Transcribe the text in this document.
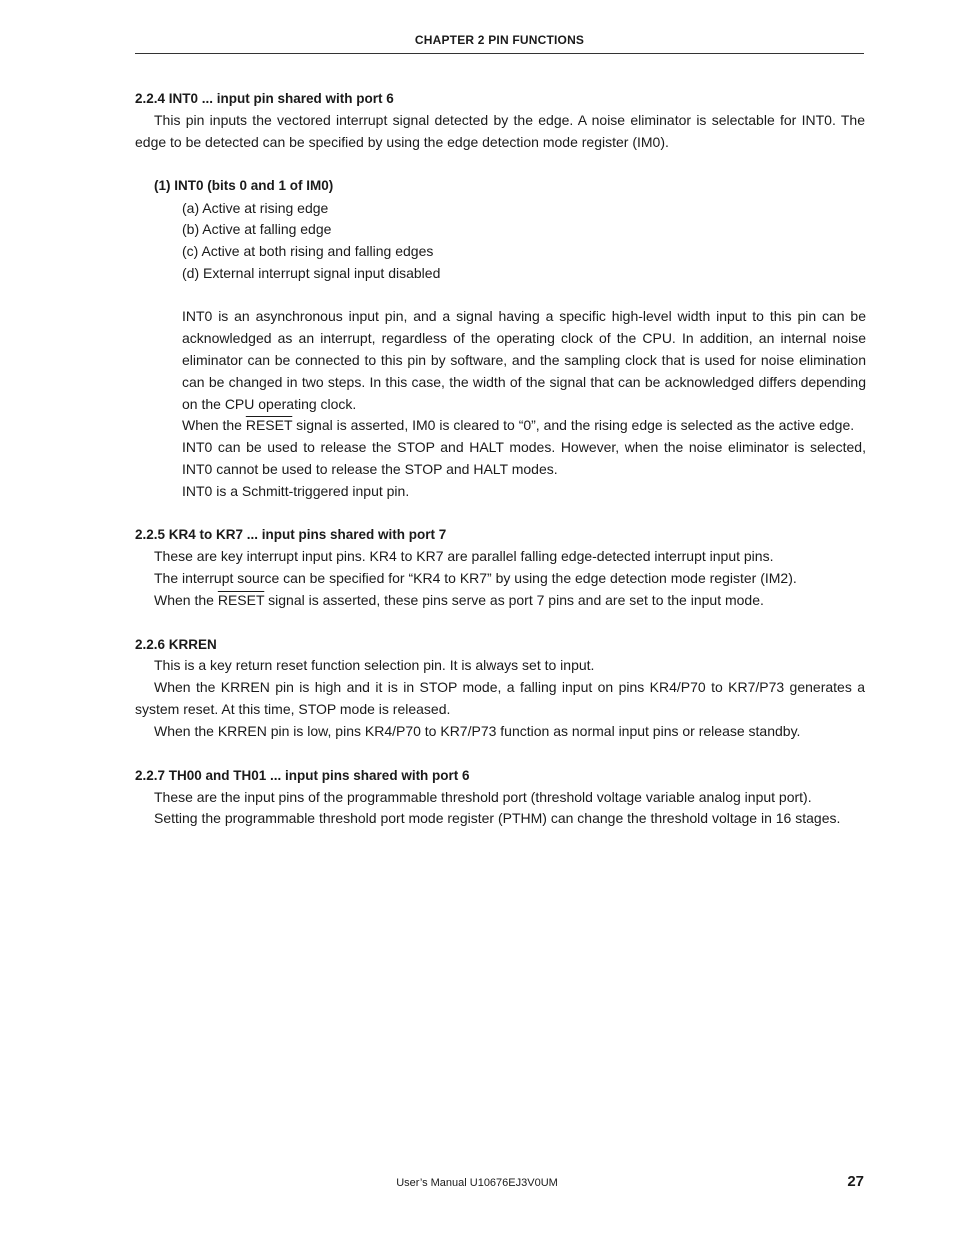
CHAPTER 2 PIN FUNCTIONS
2.2.4 INT0 ... input pin shared with port 6
This pin inputs the vectored interrupt signal detected by the edge. A noise eliminator is selectable for INT0. The
edge to be detected can be specified by using the edge detection mode register (IM0).
(1) INT0 (bits 0 and 1 of IM0)
(a) Active at rising edge
(b) Active at falling edge
(c) Active at both rising and falling edges
(d) External interrupt signal input disabled
INT0 is an asynchronous input pin, and a signal having a specific high-level width input to this pin can be
acknowledged as an interrupt, regardless of the operating clock of the CPU. In addition, an internal noise
eliminator can be connected to this pin by software, and the sampling clock that is used for noise elimination
can be changed in two steps. In this case, the width of the signal that can be acknowledged differs depending
on the CPU operating clock.
When the RESET signal is asserted, IM0 is cleared to “0”, and the rising edge is selected as the active edge.
INT0 can be used to release the STOP and HALT modes. However, when the noise eliminator is selected,
INT0 cannot be used to release the STOP and HALT modes.
INT0 is a Schmitt-triggered input pin.
2.2.5 KR4 to KR7 ... input pins shared with port 7
These are key interrupt input pins. KR4 to KR7 are parallel falling edge-detected interrupt input pins.
The interrupt source can be specified for “KR4 to KR7” by using the edge detection mode register (IM2).
When the RESET signal is asserted, these pins serve as port 7 pins and are set to the input mode.
2.2.6 KRREN
This is a key return reset function selection pin. It is always set to input.
When the KRREN pin is high and it is in STOP mode, a falling input on pins KR4/P70 to KR7/P73 generates a
system reset. At this time, STOP mode is released.
When the KRREN pin is low, pins KR4/P70 to KR7/P73 function as normal input pins or release standby.
2.2.7 TH00 and TH01 ... input pins shared with port 6
These are the input pins of the programmable threshold port (threshold voltage variable analog input port).
Setting the programmable threshold port mode register (PTHM) can change the threshold voltage in 16 stages.
User’s Manual U10676EJ3V0UM	27
